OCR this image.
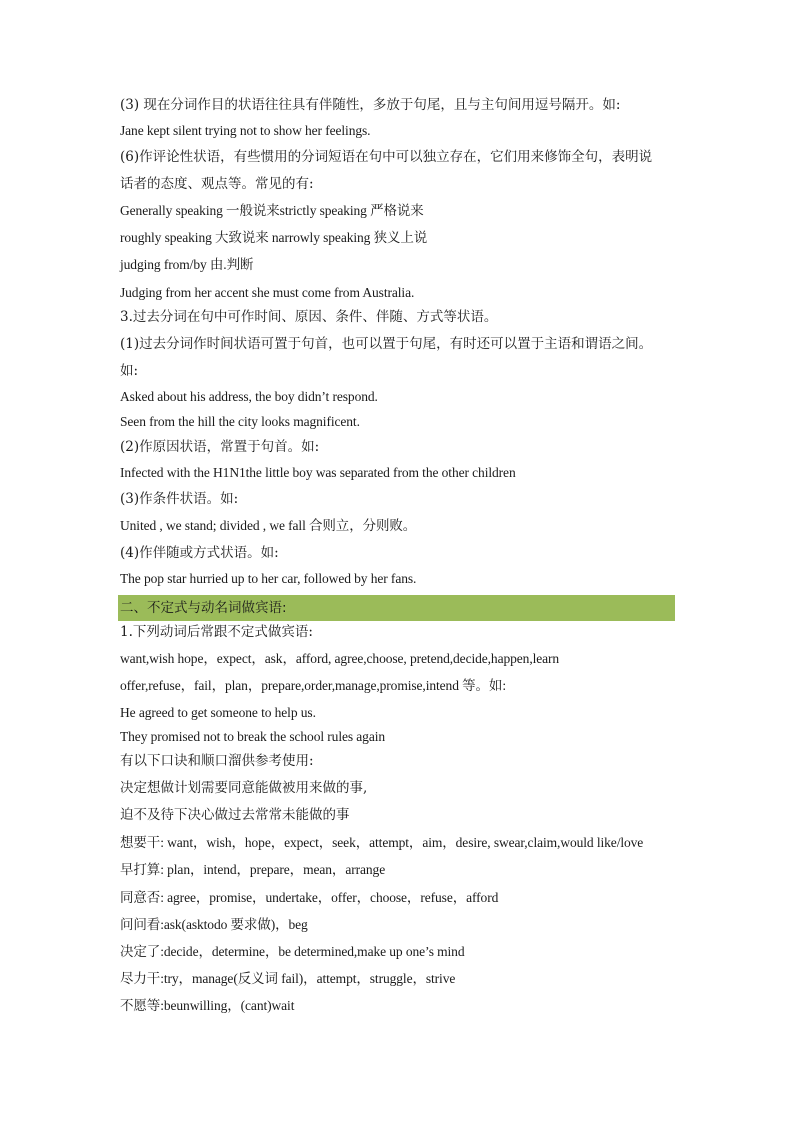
(3) 现在分词作目的状语往往具有伴随性，多放于句尾，且与主句间用逗号隔开。如:
Jane kept silent trying not to show her feelings.
(6)作评论性状语，有些惯用的分词短语在句中可以独立存在，它们用来修饰全句，表明说
话者的态度、观点等。常见的有:
Generally speaking 一般说来strictly speaking 严格说来
roughly speaking 大致说来 narrowly speaking 狭义上说
judging from/by 由.判断
Judging from her accent she must come from Australia.
3.过去分词在句中可作时间、原因、条件、伴随、方式等状语。
(1)过去分词作时间状语可置于句首，也可以置于句尾，有时还可以置于主语和谓语之间。
如:
Asked about his address, the boy didn’t respond.
Seen from the hill the city looks magnificent.
(2)作原因状语，常置于句首。如:
Infected with the H1N1the little boy was separated from the other children
(3)作条件状语。如:
United , we stand; divided , we fall 合则立，分则败。
(4)作伴随或方式状语。如:
The pop star hurried up to her car, followed by her fans.
二、不定式与动名词做宾语:
1.下列动词后常跟不定式做宾语:
want,wish hope，expect，ask，afford, agree,choose, pretend,decide,happen,learn
offer,refuse，fail，plan，prepare,order,manage,promise,intend 等。如:
He agreed to get someone to help us.
They promised not to break the school rules again
有以下口诀和顺口溜供参考使用:
决定想做计划需要同意能做被用来做的事,
迫不及待下决心做过去常常未能做的事
想要干: want，wish，hope，expect，seek，attempt，aim，desire, swear,claim,would like/love
早打算: plan，intend，prepare，mean，arrange
同意否: agree，promise，undertake，offer，choose，refuse，afford
问问看:ask(asktodo 要求做)，beg
决定了:decide，determine，be determined,make up one’s mind
尽力干:try，manage(反义词 fail)，attempt，struggle，strive
不愿等:beunwilling，(cant)wait
